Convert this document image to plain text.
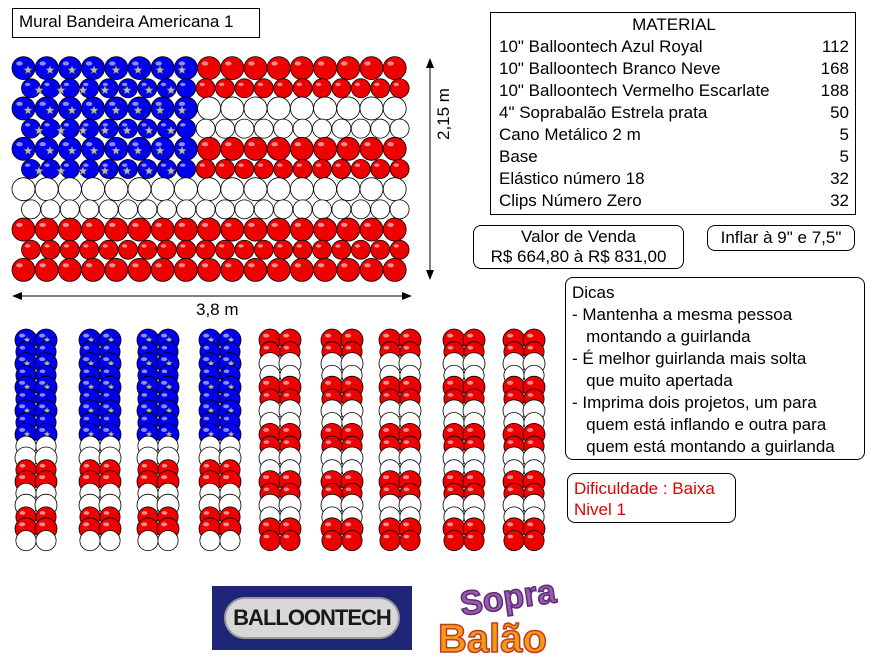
Mural Bandeira Americana 1
2,15 m
3,8 m
MATERIAL
10" Balloontech Azul Royal	112
10" Balloontech Branco Neve	168
10" Balloontech Vermelho Escarlate	188
4" Soprabalão Estrela prata	50
Cano Metálico 2 m	5
Base	5
Elástico número 18	32
Clips Número Zero	32
Valor de Venda
R$ 664,80 à R$ 831,00
Inflar à 9" e 7,5"
Dicas
- Mantenha a mesma pessoa
montando a guirlanda
- É melhor guirlanda mais solta
que muito apertada
- Imprima dois projetos, um para
quem está inflando e outra para
quem está montando a guirlanda
Dificuldade : Baixa
Nivel 1
BALLOONTECH Sopra
Balão
